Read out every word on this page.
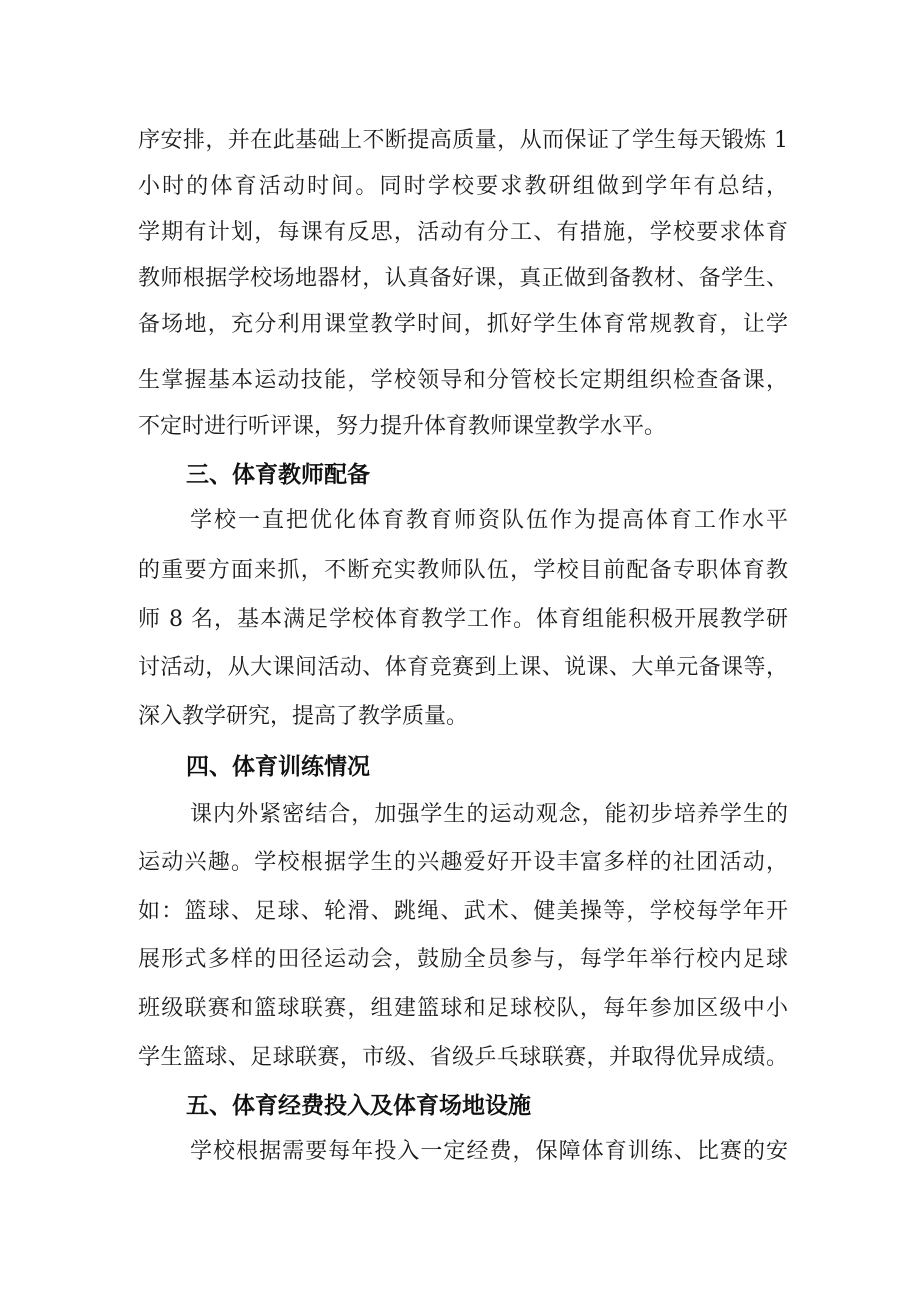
序安排，并在此基础上不断提高质量，从而保证了学生每天锻炼 1
小时的体育活动时间。同时学校要求教研组做到学年有总结，
学期有计划，每课有反思，活动有分工、有措施，学校要求体育
教师根据学校场地器材，认真备好课，真正做到备教材、备学生、
备场地，充分利用课堂教学时间，抓好学生体育常规教育，让学
生掌握基本运动技能，学校领导和分管校长定期组织检查备课，
不定时进行听评课，努力提升体育教师课堂教学水平。
三、体育教师配备
学校一直把优化体育教育师资队伍作为提高体育工作水平
的重要方面来抓，不断充实教师队伍，学校目前配备专职体育教
师 8 名，基本满足学校体育教学工作。体育组能积极开展教学研
讨活动，从大课间活动、体育竞赛到上课、说课、大单元备课等，
深入教学研究，提高了教学质量。
四、体育训练情况
课内外紧密结合，加强学生的运动观念，能初步培养学生的
运动兴趣。学校根据学生的兴趣爱好开设丰富多样的社团活动，
如：篮球、足球、轮滑、跳绳、武术、健美操等，学校每学年开
展形式多样的田径运动会，鼓励全员参与，每学年举行校内足球
班级联赛和篮球联赛，组建篮球和足球校队，每年参加区级中小
学生篮球、足球联赛，市级、省级乒乓球联赛，并取得优异成绩。
五、体育经费投入及体育场地设施
学校根据需要每年投入一定经费，保障体育训练、比赛的安
